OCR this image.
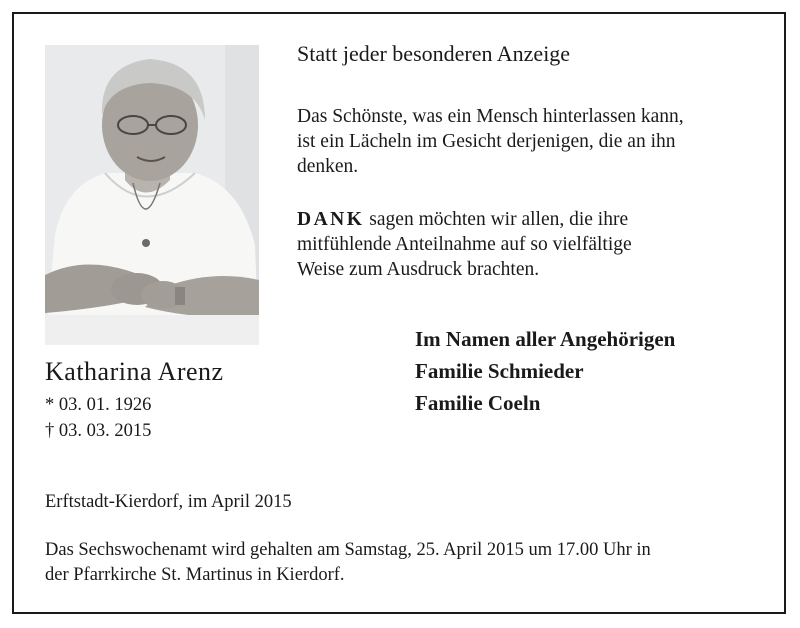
Statt jeder besonderen Anzeige
Das Schönste, was ein Mensch hinterlassen kann,
ist ein Lächeln im Gesicht derjenigen, die an ihn
denken.
DANK sagen möchten wir allen, die ihre
mitfühlende Anteilnahme auf so vielfältige
Weise zum Ausdruck brachten.
Im Namen aller Angehörigen
Familie Schmieder
Familie Coeln
Katharina Arenz
* 03. 01. 1926
† 03. 03. 2015
Erftstadt-Kierdorf, im April 2015
Das Sechswochenamt wird gehalten am Samstag, 25. April 2015 um 17.00 Uhr in
der Pfarrkirche St. Martinus in Kierdorf.
